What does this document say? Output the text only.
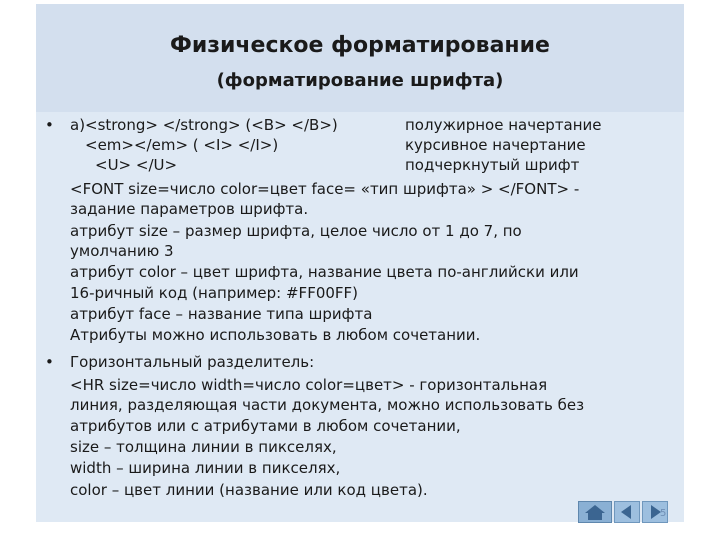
Физическое форматирование
(форматирование шрифта)
•
•
a)<strong> </strong> (<B> </B>)	полужирное начертание
<em></em> ( <I> </I>)	курсивное начертание
<U> </U>	подчеркнутый шрифт
<FONT size=число color=цвет face= «тип шрифта» > </FONT> -
задание параметров шрифта.
атрибут size – размер шрифта, целое число от 1 до 7, по
умолчанию 3
атрибут color – цвет шрифта, название цвета по-английски или
16-ричный код (например: #FF00FF)
атрибут face – название типа шрифта
Атрибуты можно использовать в любом сочетании.
Горизонтальный разделитель:
<HR size=число width=число color=цвет> - горизонтальная
линия, разделяющая части документа, можно использовать без
атрибутов или с атрибутами в любом сочетании,
size – толщина линии в пикселях,
width – ширина линии в пикселях,
color – цвет линии (название или код цвета).
5
